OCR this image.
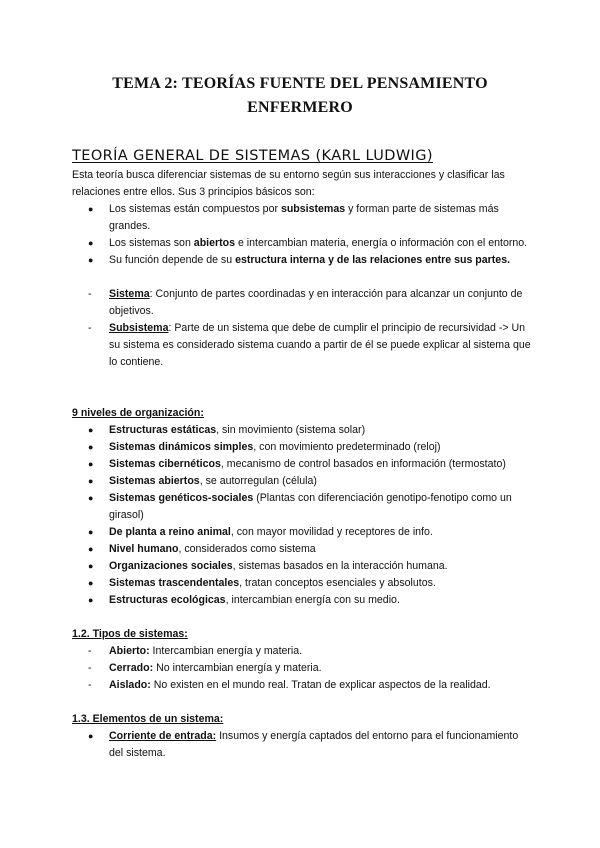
TEMA 2: TEORÍAS FUENTE DEL PENSAMIENTO
ENFERMERO
TEORÍA GENERAL DE SISTEMAS (KARL LUDWIG)

Esta teoría busca diferenciar sistemas de su entorno según sus interacciones y clasificar las relaciones entre ellos. Sus 3 principios básicos son:

● Los sistemas están compuestos por subsistemas y forman parte de sistemas más grandes.
● Los sistemas son abiertos e intercambian materia, energía o información con el entorno.
● Su función depende de su estructura interna y de las relaciones entre sus partes.
- Sistema: Conjunto de partes coordinadas y en interacción para alcanzar un conjunto de objetivos.
- Subsistema: Parte de un sistema que debe de cumplir el principio de recursividad -> Un su sistema es considerado sistema cuando a partir de él se puede explicar al sistema que lo contiene.
9 niveles de organización:
● Estructuras estáticas, sin movimiento (sistema solar)
● Sistemas dinámicos simples, con movimiento predeterminado (reloj)
● Sistemas cibernéticos, mecanismo de control basados en información (termostato)
● Sistemas abiertos, se autorregulan (célula)
● Sistemas genéticos-sociales (Plantas con diferenciación genotipo-fenotipo como un girasol)
● De planta a reino animal, con mayor movilidad y receptores de info.
● Nivel humano, considerados como sistema
● Organizaciones sociales, sistemas basados en la interacción humana.
● Sistemas trascendentales, tratan conceptos esenciales y absolutos.
● Estructuras ecológicas, intercambian energía con su medio.
1.2. Tipos de sistemas:
- Abierto: Intercambian energía y materia.
- Cerrado: No intercambian energía y materia.
- Aislado: No existen en el mundo real. Tratan de explicar aspectos de la realidad.
1.3. Elementos de un sistema:
● Corriente de entrada: Insumos y energía captados del entorno para el funcionamiento del sistema.
